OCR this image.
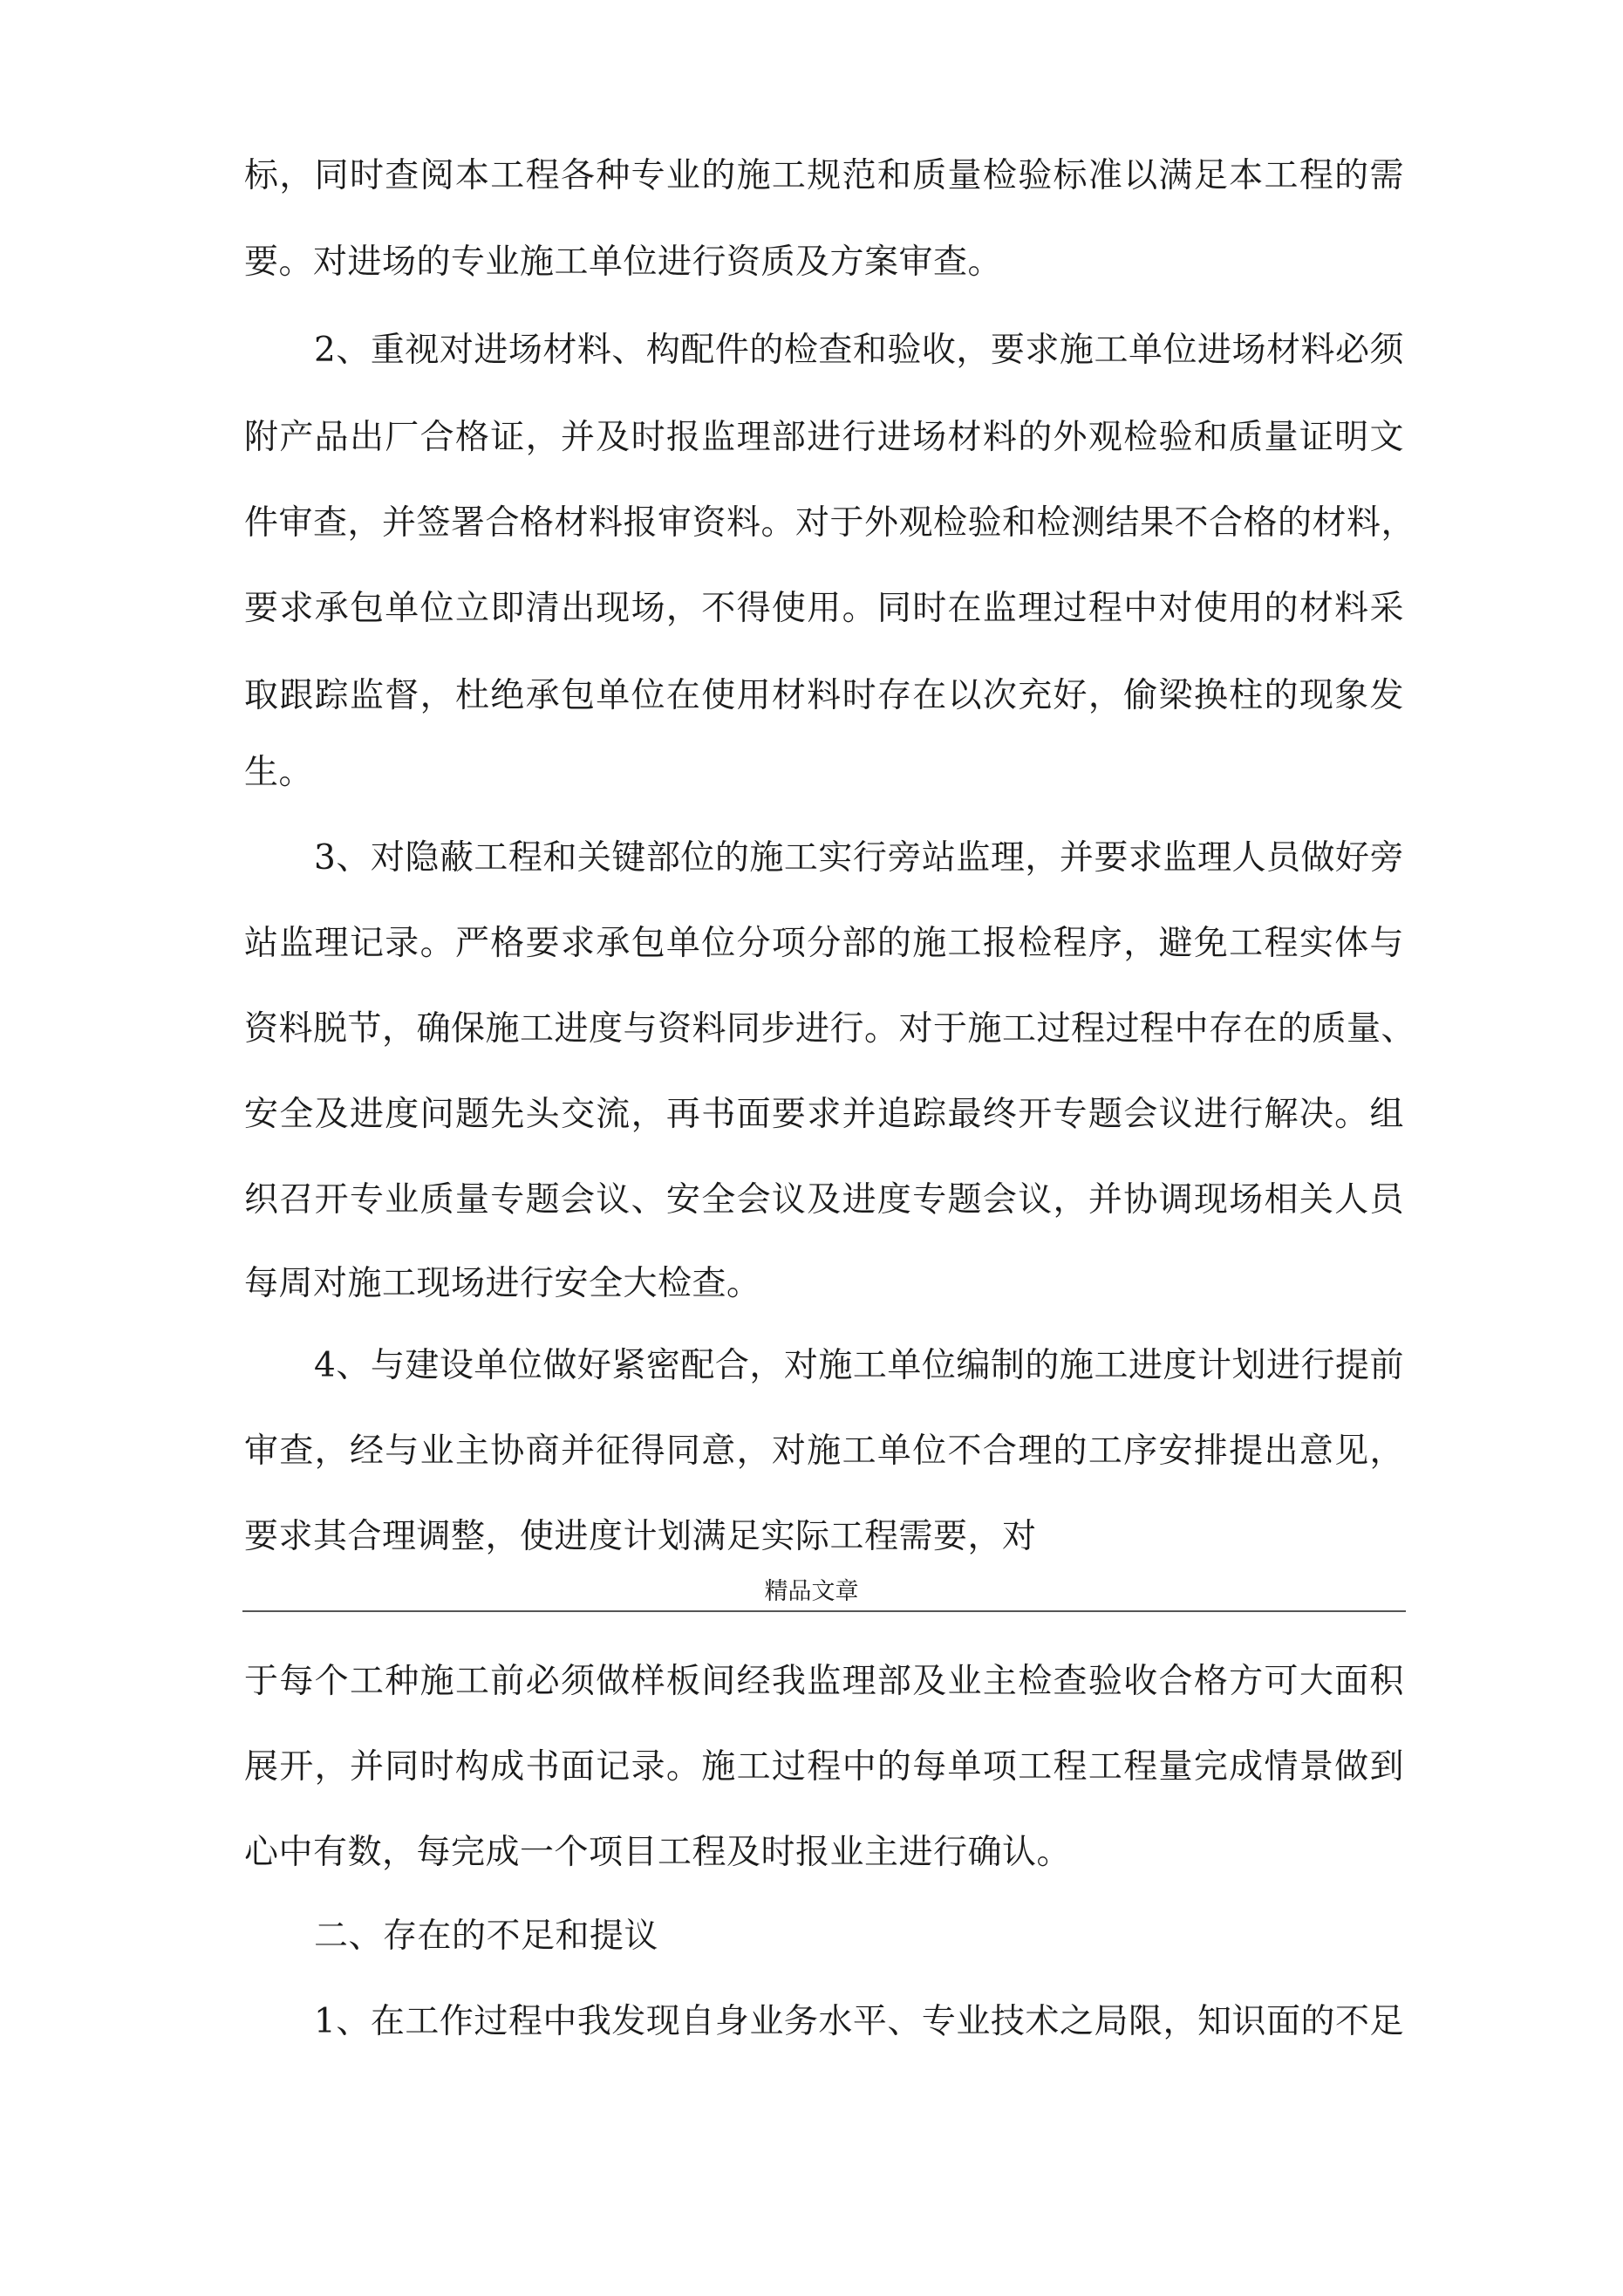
标，同时查阅本工程各种专业的施工规范和质量检验标准以满足本工程的需
要。对进场的专业施工单位进行资质及方案审查。
2、重视对进场材料、构配件的检查和验收，要求施工单位进场材料必须
附产品出厂合格证，并及时报监理部进行进场材料的外观检验和质量证明文
件审查，并签署合格材料报审资料。对于外观检验和检测结果不合格的材料，
要求承包单位立即清出现场，不得使用。同时在监理过程中对使用的材料采
取跟踪监督，杜绝承包单位在使用材料时存在以次充好，偷梁换柱的现象发
生。
3、对隐蔽工程和关键部位的施工实行旁站监理，并要求监理人员做好旁
站监理记录。严格要求承包单位分项分部的施工报检程序，避免工程实体与
资料脱节，确保施工进度与资料同步进行。对于施工过程过程中存在的质量、
安全及进度问题先头交流，再书面要求并追踪最终开专题会议进行解决。组
织召开专业质量专题会议、安全会议及进度专题会议，并协调现场相关人员
每周对施工现场进行安全大检查。
4、与建设单位做好紧密配合，对施工单位编制的施工进度计划进行提前
审查，经与业主协商并征得同意，对施工单位不合理的工序安排提出意见，
要求其合理调整，使进度计划满足实际工程需要，对
精品文章
于每个工种施工前必须做样板间经我监理部及业主检查验收合格方可大面积
展开，并同时构成书面记录。施工过程中的每单项工程工程量完成情景做到
心中有数，每完成一个项目工程及时报业主进行确认。
二、存在的不足和提议
1、在工作过程中我发现自身业务水平、专业技术之局限，知识面的不足
